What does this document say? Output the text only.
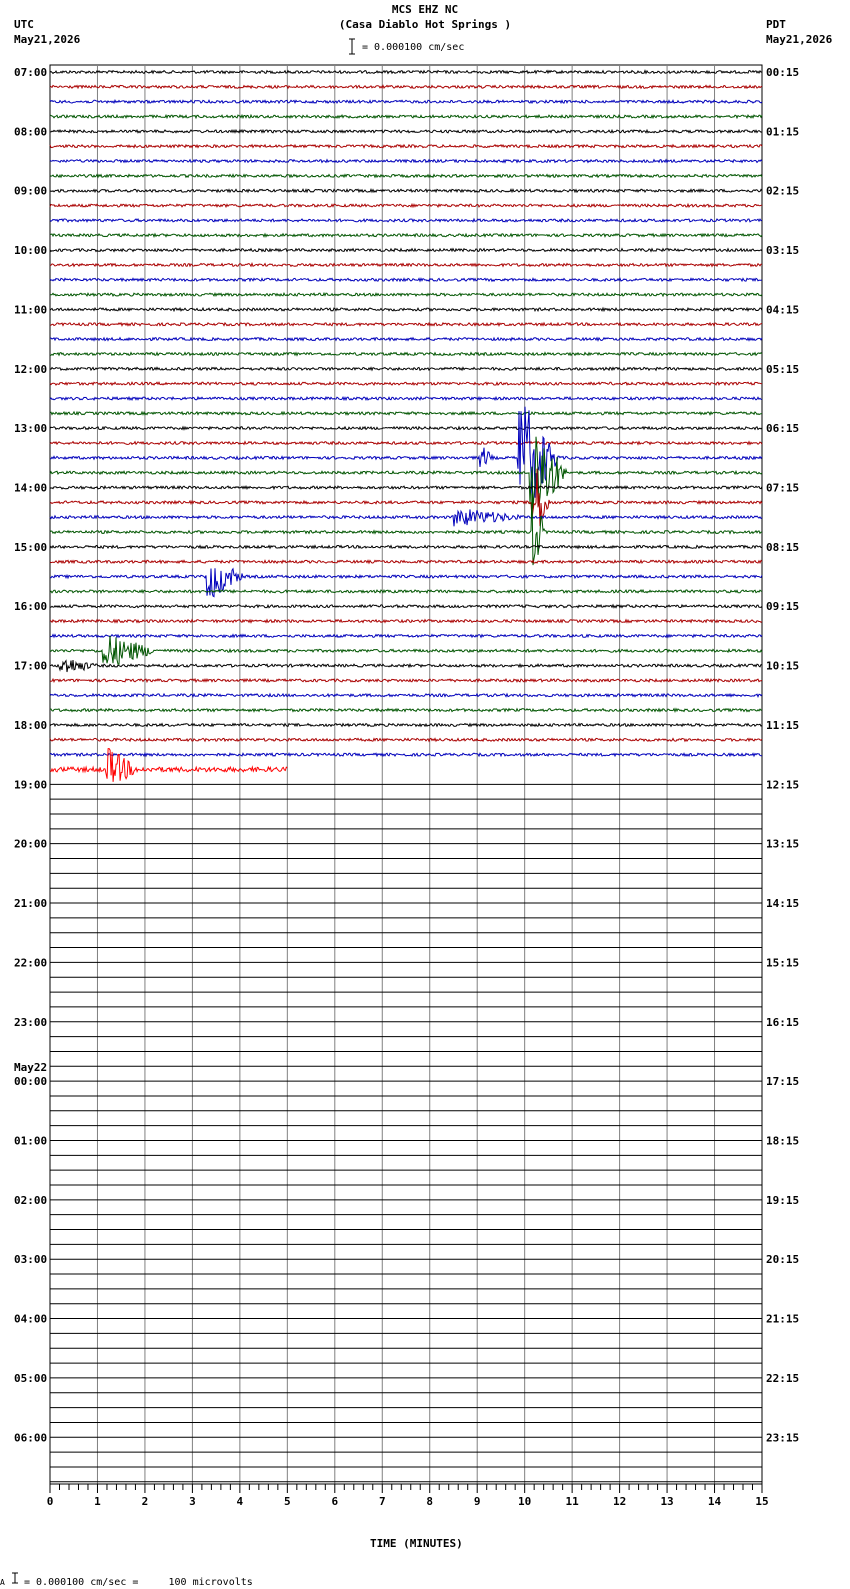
07:00
08:00
09:00
10:00
11:00
12:00
13:00
14:00
15:00
16:00
17:00
18:00
19:00
20:00
21:00
22:00
23:00
00:00
01:00
02:00
03:00
04:00
05:00
06:00
00:15
01:15
02:15
03:15
04:15
05:15
06:15
07:15
08:15
09:15
10:15
11:15
12:15
13:15
14:15
15:15
16:15
17:15
18:15
19:15
20:15
21:15
22:15
23:15
May22
0	1	2	3	4	5	6	7	8	9	10	11	12	13	14	15
MCS EHZ NC
(Casa Diablo Hot Springs )
= 0.000100 cm/sec
UTC
May21,2026
PDT
May21,2026
TIME (MINUTES)
A = 0.000100 cm/sec =     100 microvolts
